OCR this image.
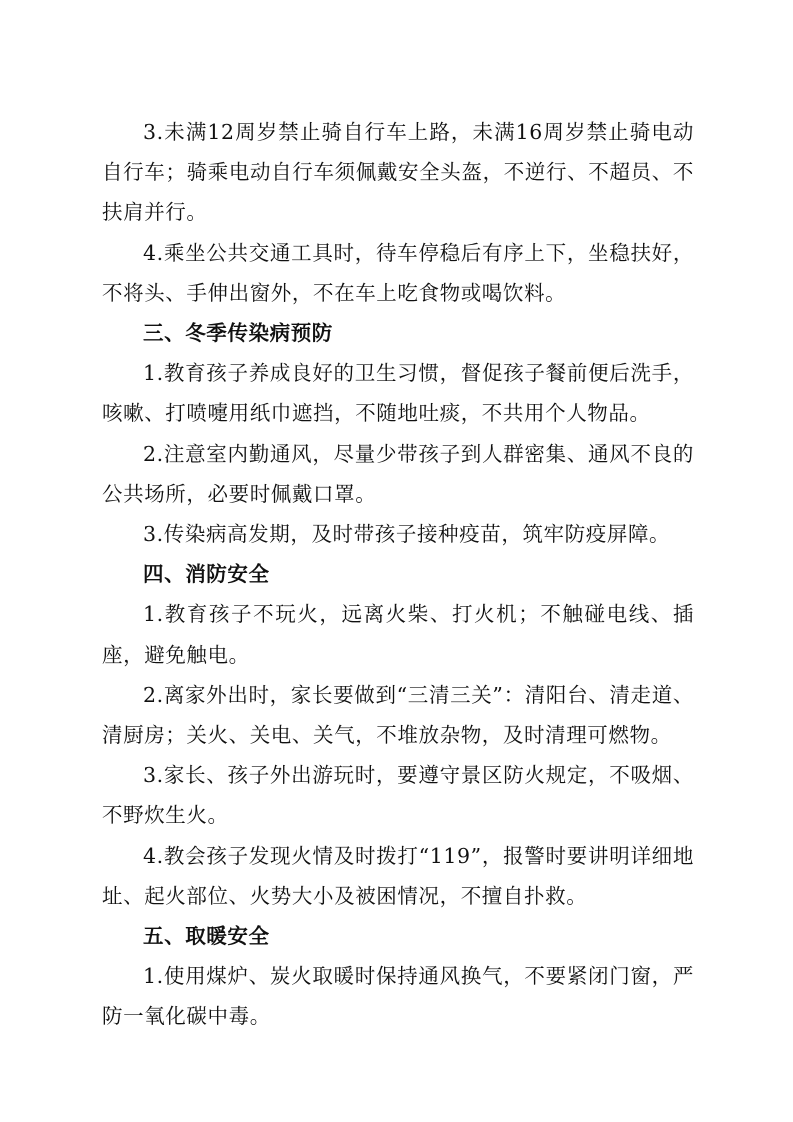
3.未满12周岁禁止骑自行车上路，未满16周岁禁止骑电动自行车；骑乘电动自行车须佩戴安全头盔，不逆行、不超员、不扶肩并行。

4.乘坐公共交通工具时，待车停稳后有序上下，坐稳扶好，不将头、手伸出窗外，不在车上吃食物或喝饮料。

三、冬季传染病预防

1.教育孩子养成良好的卫生习惯，督促孩子餐前便后洗手，咳嗽、打喷嚏用纸巾遮挡，不随地吐痰，不共用个人物品。

2.注意室内勤通风，尽量少带孩子到人群密集、通风不良的公共场所，必要时佩戴口罩。

3.传染病高发期，及时带孩子接种疫苗，筑牢防疫屏障。

四、消防安全

1.教育孩子不玩火，远离火柴、打火机；不触碰电线、插座，避免触电。

2.离家外出时，家长要做到“三清三关”：清阳台、清走道、清厨房；关火、关电、关气，不堆放杂物，及时清理可燃物。

3.家长、孩子外出游玩时，要遵守景区防火规定，不吸烟、不野炊生火。

4.教会孩子发现火情及时拨打“119”，报警时要讲明详细地址、起火部位、火势大小及被困情况，不擅自扑救。

五、取暖安全

1.使用煤炉、炭火取暖时保持通风换气，不要紧闭门窗，严防一氧化碳中毒。
